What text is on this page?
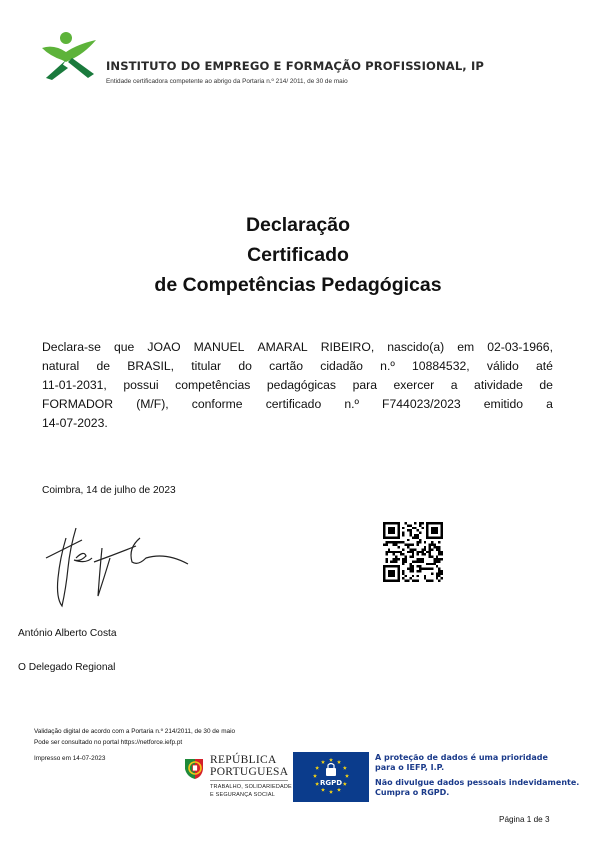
INSTITUTO DO EMPREGO E FORMAÇÃO PROFISSIONAL, IP
Entidade certificadora competente ao abrigo da Portaria n.º 214/ 2011, de 30 de maio
Declaração
Certificado
de Competências Pedagógicas
Declara-se que JOAO MANUEL AMARAL RIBEIRO, nascido(a) em 02-03-1966,
natural de BRASIL, titular do cartão cidadão n.º 10884532, válido até
11-01-2031, possui competências pedagógicas para exercer a atividade de
FORMADOR (M/F), conforme certificado n.º F744023/2023 emitido a
14-07-2023.
Coimbra, 14 de julho de 2023
António Alberto Costa
O Delegado Regional
Validação digital de acordo com a Portaria n.º 214/2011, de 30 de maio
Pode ser consultado no portal https://netforce.iefp.pt
Impresso em 14-07-2023	REPÚBLICA
PORTUGUESA
TRABALHO, SOLIDARIEDADE
E SEGURANÇA SOCIAL
RGPD
A proteção de dados é uma prioridade
para o IEFP, I.P.
Não divulgue dados pessoais indevidamente.
Cumpra o RGPD.
Página 1 de 3
